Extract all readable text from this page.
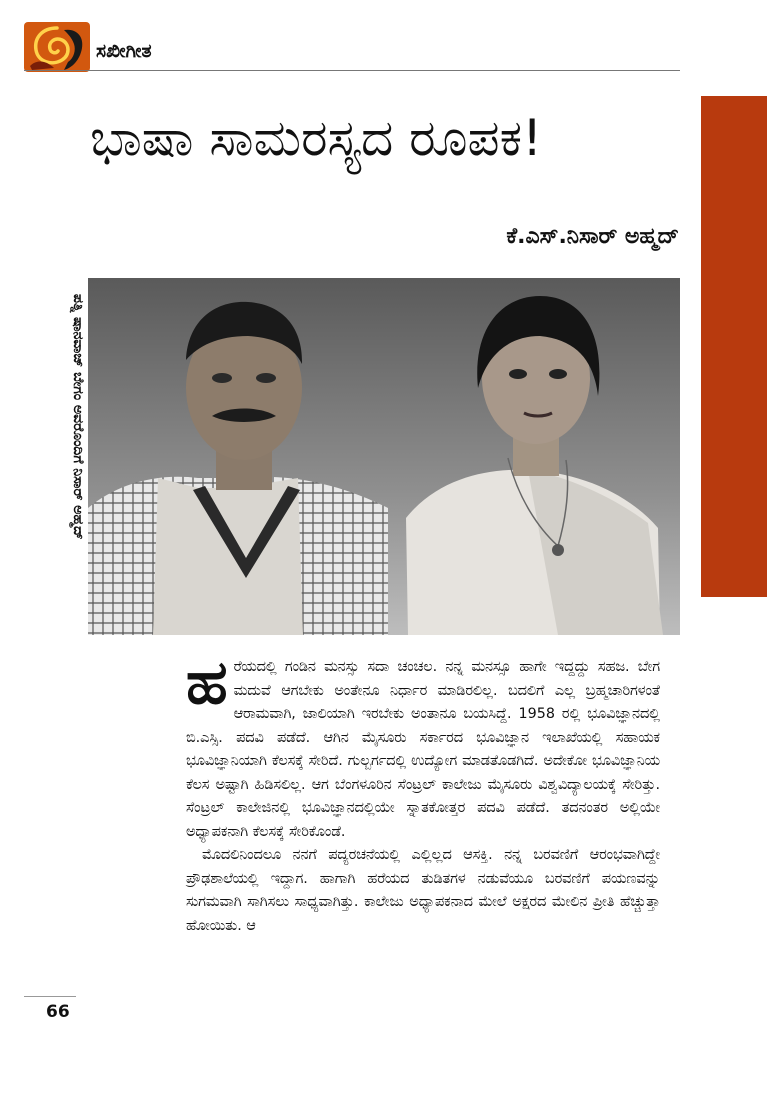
ಸಖೀಗೀತ
ಭಾಷಾ ಸಾಮರಸ್ಯದ ರೂಪಕ!
ಕೆ.ಎಸ್.ನಿಸಾರ್ ಅಹ್ಮದ್
ಪತ್ನಿ ಷಾನವಾಜ್ ಬೇಗಂ ಅವರೊಂದಿಗೆ ನಿಸಾರ್ ಅಹ್ಮದ್

ಹರೆಯದಲ್ಲಿ ಗಂಡಿನ ಮನಸ್ಸು ಸದಾ ಚಂಚಲ. ನನ್ನ ಮನಸ್ಸೂ ಹಾಗೇ ಇದ್ದದ್ದು ಸಹಜ. ಬೇಗ ಮದುವೆ ಆಗಬೇಕು ಅಂತೇನೂ ನಿರ್ಧಾರ ಮಾಡಿರಲಿಲ್ಲ. ಬದಲಿಗೆ ಎಲ್ಲ ಬ್ರಹ್ಮಚಾರಿಗಳಂತೆ ಆರಾಮವಾಗಿ, ಜಾಲಿಯಾಗಿ ಇರಬೇಕು ಅಂತಾನೂ ಬಯಸಿದ್ದೆ. 1958 ರಲ್ಲಿ ಭೂವಿಜ್ಞಾನದಲ್ಲಿ ಬಿ.ಎಸ್ಸಿ. ಪದವಿ ಪಡೆದೆ. ಆಗಿನ ಮೈಸೂರು ಸರ್ಕಾರದ ಭೂವಿಜ್ಞಾನ ಇಲಾಖೆಯಲ್ಲಿ ಸಹಾಯಕ ಭೂವಿಜ್ಞಾನಿಯಾಗಿ ಕೆಲಸಕ್ಕೆ ಸೇರಿದೆ. ಗುಲ್ಬರ್ಗದಲ್ಲಿ ಉದ್ಯೋಗ ಮಾಡತೊಡಗಿದೆ. ಅದೇಕೋ ಭೂವಿಜ್ಞಾನಿಯ ಕೆಲಸ ಅಷ್ಟಾಗಿ ಹಿಡಿಸಲಿಲ್ಲ. ಆಗ ಬೆಂಗಳೂರಿನ ಸೆಂಟ್ರಲ್ ಕಾಲೇಜು ಮೈಸೂರು ವಿಶ್ವವಿದ್ಯಾಲಯಕ್ಕೆ ಸೇರಿತ್ತು. ಸೆಂಟ್ರಲ್ ಕಾಲೇಜಿನಲ್ಲಿ ಭೂವಿಜ್ಞಾನದಲ್ಲಿಯೇ ಸ್ನಾತಕೋತ್ತರ ಪದವಿ ಪಡೆದೆ. ತದನಂತರ ಅಲ್ಲಿಯೇ ಅಧ್ಯಾಪಕನಾಗಿ ಕೆಲಸಕ್ಕೆ ಸೇರಿಕೊಂಡೆ.

ಮೊದಲಿನಿಂದಲೂ ನನಗೆ ಪದ್ಯರಚನೆಯಲ್ಲಿ ಎಲ್ಲಿಲ್ಲದ ಆಸಕ್ತಿ. ನನ್ನ ಬರವಣಿಗೆ ಆರಂಭವಾಗಿದ್ದೇ ಪ್ರೌಢಶಾಲೆಯಲ್ಲಿ ಇದ್ದಾಗ. ಹಾಗಾಗಿ ಹರೆಯದ ತುಡಿತಗಳ ನಡುವೆಯೂ ಬರವಣಿಗೆ ಪಯಣವನ್ನು ಸುಗಮವಾಗಿ ಸಾಗಿಸಲು ಸಾಧ್ಯವಾಗಿತ್ತು. ಕಾಲೇಜು ಅಧ್ಯಾಪಕನಾದ ಮೇಲೆ ಅಕ್ಷರದ ಮೇಲಿನ ಪ್ರೀತಿ ಹೆಚ್ಚುತ್ತಾ ಹೋಯಿತು. ಆ

66
